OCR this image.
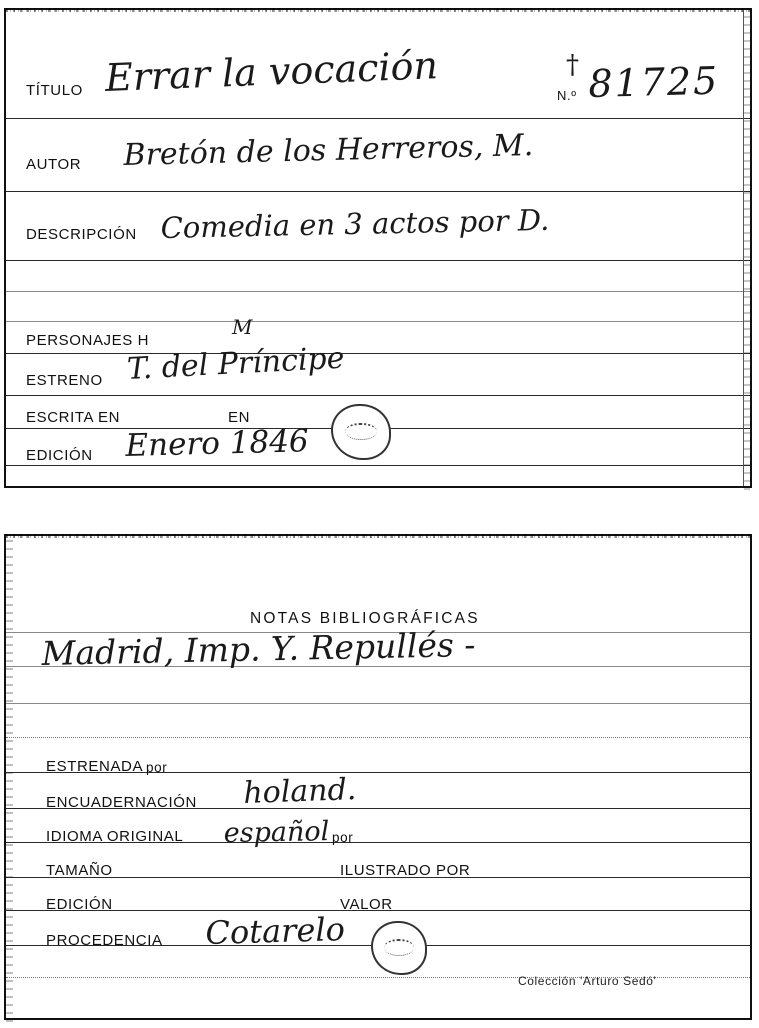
TÍTULO Errar la vocación	†
N.º 81725
AUTOR Bretón de los Herreros, M.
DESCRIPCIÓN Comedia en 3 actos por D.
PERSONAJES H
M
ESTRENO T. del Príncipe
ESCRITA EN	EN
EDICIÓN Enero 1846
NOTAS BIBLIOGRÁFICAS
Madrid, Imp. Y. Repullés -
ESTRENADA por
ENCUADERNACIÓN holand.
IDIOMA ORIGINAL español por
TAMAÑO	ILUSTRADO POR
EDICIÓN	VALOR
PROCEDENCIA Cotarelo
Colección 'Arturo Sedó'
